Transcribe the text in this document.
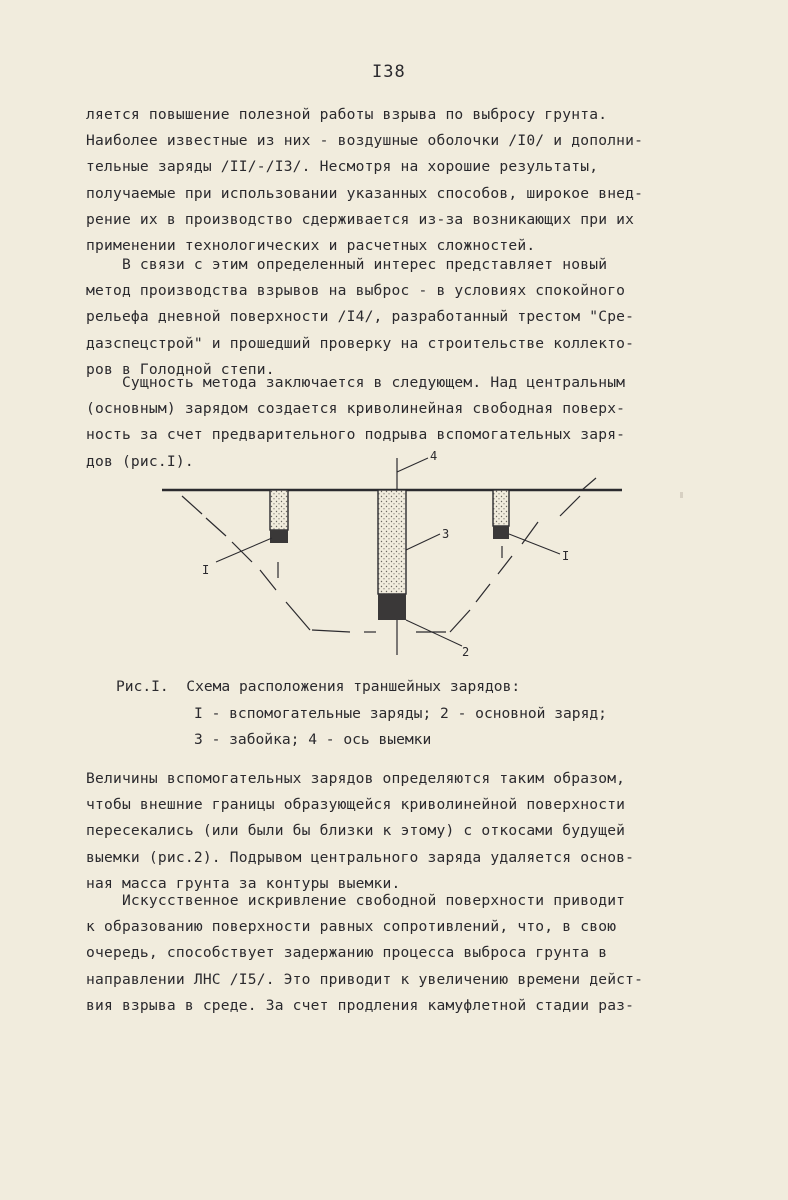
I38
ляется повышение полезной работы взрыва по выбросу грунта.
Наиболее известные из них - воздушные оболочки /I0/ и дополни-
тельные заряды /II/-/I3/. Несмотря на хорошие результаты,
получаемые при использовании указанных способов, широкое внед-
рение их в производство сдерживается из-за возникающих при их
применении технологических и расчетных сложностей.
В связи с этим определенный интерес представляет новый
метод производства взрывов на выброс - в условиях спокойного
рельефа дневной поверхности /I4/, разработанный трестом "Сре-
дазспецстрой" и прошедший проверку на строительстве коллекто-
ров в Голодной степи.
Сущность метода заключается в следующем. Над центральным
(основным) зарядом создается криволинейная свободная поверх-
ность за счет предварительного подрыва вспомогательных заря-
дов (рис.I).	4
3
I
I
2
Рис.I.  Схема расположения траншейных зарядов:
I - вспомогательные заряды; 2 - основной заряд;
3 - забойка; 4 - ось выемки
Величины вспомогательных зарядов определяются таким образом,
чтобы внешние границы образующейся криволинейной поверхности
пересекались (или были бы близки к этому) с откосами будущей
выемки (рис.2). Подрывом центрального заряда удаляется основ-
ная масса грунта за контуры выемки.
Искусственное искривление свободной поверхности приводит
к образованию поверхности равных сопротивлений, что, в свою
очередь, способствует задержанию процесса выброса грунта в
направлении ЛНС /I5/. Это приводит к увеличению времени дейст-
вия взрыва в среде. За счет продления камуфлетной стадии раз-
